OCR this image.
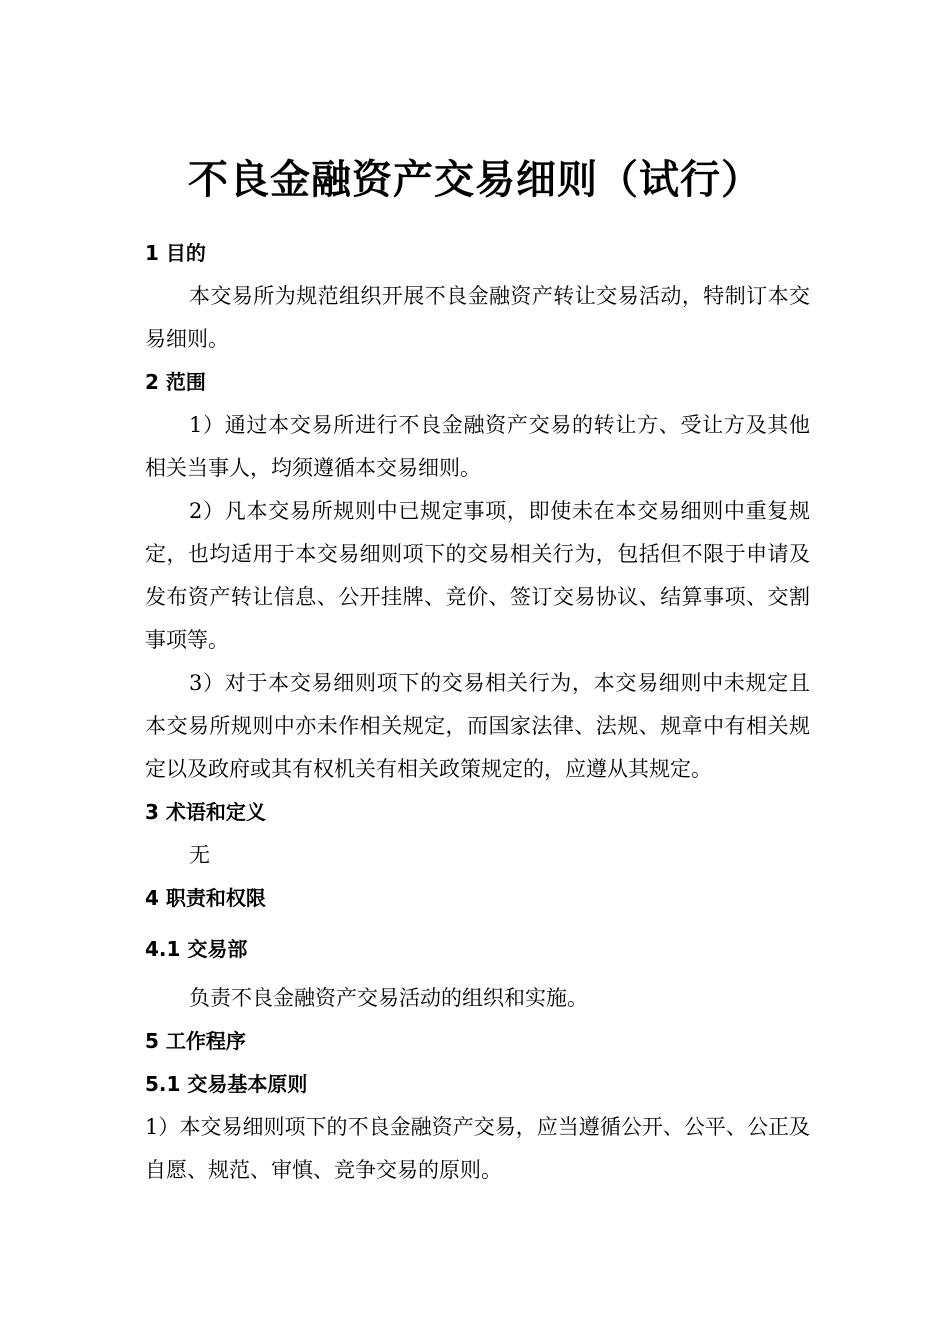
不良金融资产交易细则（试行）
1 目的
本交易所为规范组织开展不良金融资产转让交易活动，特制订本交易细则。
2 范围
1）通过本交易所进行不良金融资产交易的转让方、受让方及其他相关当事人，均须遵循本交易细则。
2）凡本交易所规则中已规定事项，即使未在本交易细则中重复规定，也均适用于本交易细则项下的交易相关行为，包括但不限于申请及发布资产转让信息、公开挂牌、竞价、签订交易协议、结算事项、交割事项等。
3）对于本交易细则项下的交易相关行为，本交易细则中未规定且本交易所规则中亦未作相关规定，而国家法律、法规、规章中有相关规定以及政府或其有权机关有相关政策规定的，应遵从其规定。
3 术语和定义
无
4 职责和权限
4.1 交易部
负责不良金融资产交易活动的组织和实施。
5 工作程序
5.1 交易基本原则
1）本交易细则项下的不良金融资产交易，应当遵循公开、公平、公正及自愿、规范、审慎、竞争交易的原则。
